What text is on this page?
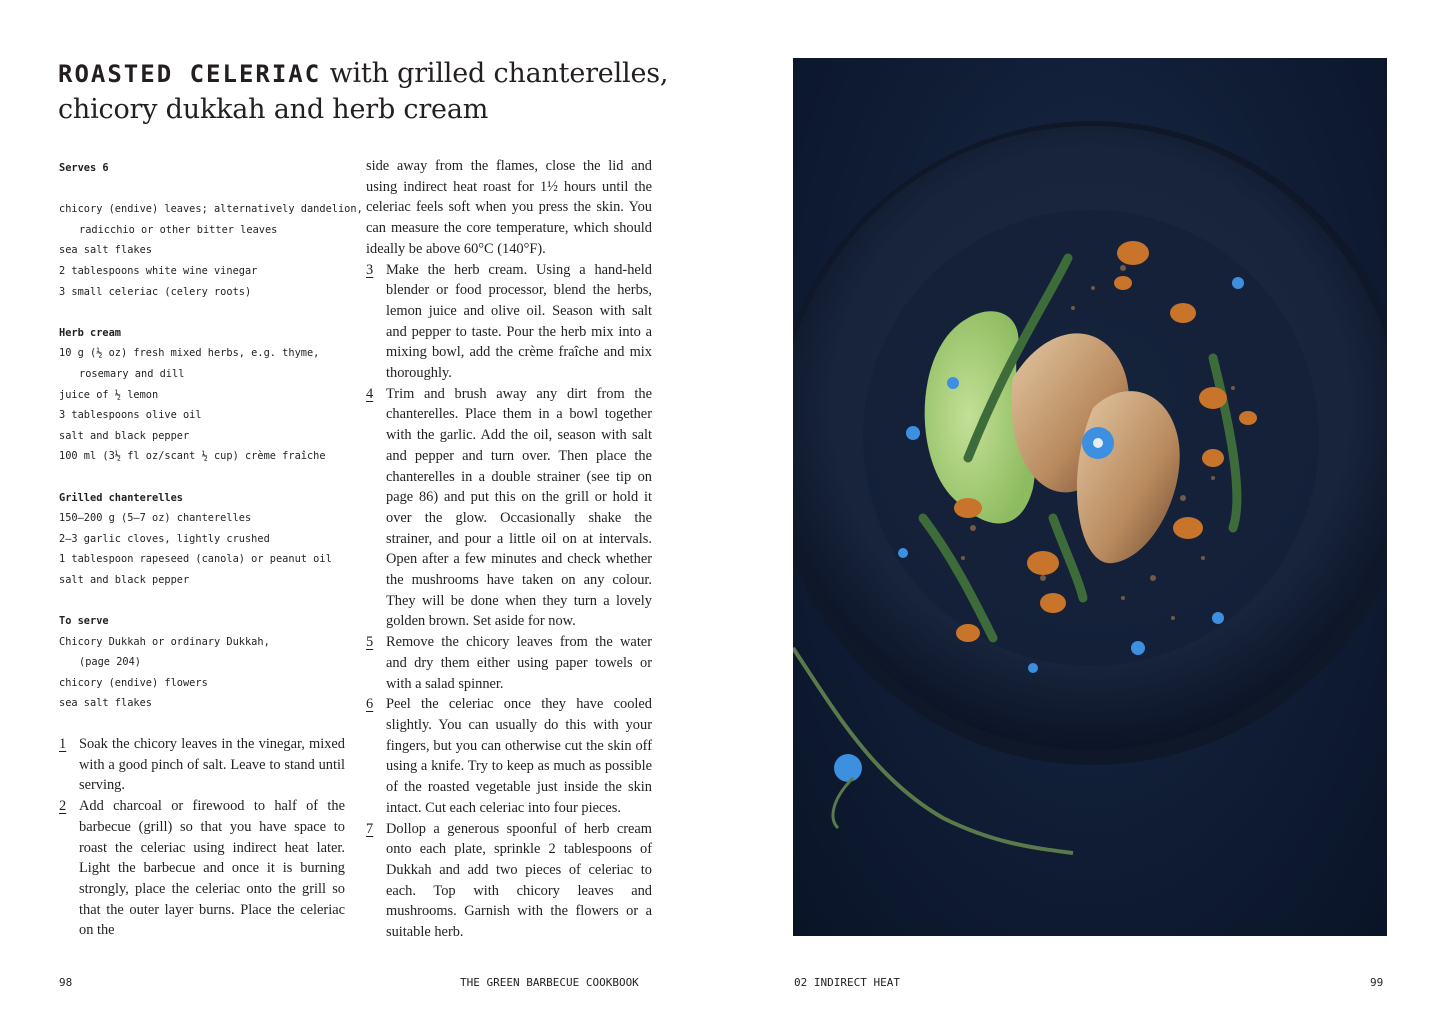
ROASTED CELERIAC with grilled chanterelles, chicory dukkah and herb cream
Serves 6
chicory (endive) leaves; alternatively dandelion,
radicchio or other bitter leaves
sea salt flakes
2 tablespoons white wine vinegar
3 small celeriac (celery roots)
Herb cream
10 g (½ oz) fresh mixed herbs, e.g. thyme,
rosemary and dill
juice of ½ lemon
3 tablespoons olive oil
salt and black pepper
100 ml (3½ fl oz/scant ½ cup) crème fraîche
Grilled chanterelles
150–200 g (5–7 oz) chanterelles
2–3 garlic cloves, lightly crushed
1 tablespoon rapeseed (canola) or peanut oil
salt and black pepper
To serve
Chicory Dukkah or ordinary Dukkah,
(page 204)
chicory (endive) flowers
sea salt flakes
1 Soak the chicory leaves in the vinegar, mixed with a good pinch of salt. Leave to stand until serving.
2 Add charcoal or firewood to half of the barbecue (grill) so that you have space to roast the celeriac using indirect heat later. Light the barbecue and once it is burning strongly, place the celeriac onto the grill so that the outer layer burns. Place the celeriac on the
side away from the flames, close the lid and using indirect heat roast for 1½ hours until the celeriac feels soft when you press the skin. You can measure the core temperature, which should ideally be above 60°C (140°F).
3 Make the herb cream. Using a hand-held blender or food processor, blend the herbs, lemon juice and olive oil. Season with salt and pepper to taste. Pour the herb mix into a mixing bowl, add the crème fraîche and mix thoroughly.
4 Trim and brush away any dirt from the chanterelles. Place them in a bowl together with the garlic. Add the oil, season with salt and pepper and turn over. Then place the chanterelles in a double strainer (see tip on page 86) and put this on the grill or hold it over the glow. Occasionally shake the strainer, and pour a little oil on at intervals. Open after a few minutes and check whether the mushrooms have taken on any colour. They will be done when they turn a lovely golden brown. Set aside for now.
5 Remove the chicory leaves from the water and dry them either using paper towels or with a salad spinner.
6 Peel the celeriac once they have cooled slightly. You can usually do this with your fingers, but you can otherwise cut the skin off using a knife. Try to keep as much as possible of the roasted vegetable just inside the skin intact. Cut each celeriac into four pieces.
7 Dollop a generous spoonful of herb cream onto each plate, sprinkle 2 tablespoons of Dukkah and add two pieces of celeriac to each. Top with chicory leaves and mushrooms. Garnish with the flowers or a suitable herb.
98	THE GREEN BARBECUE COOKBOOK	02 INDIRECT HEAT	99
